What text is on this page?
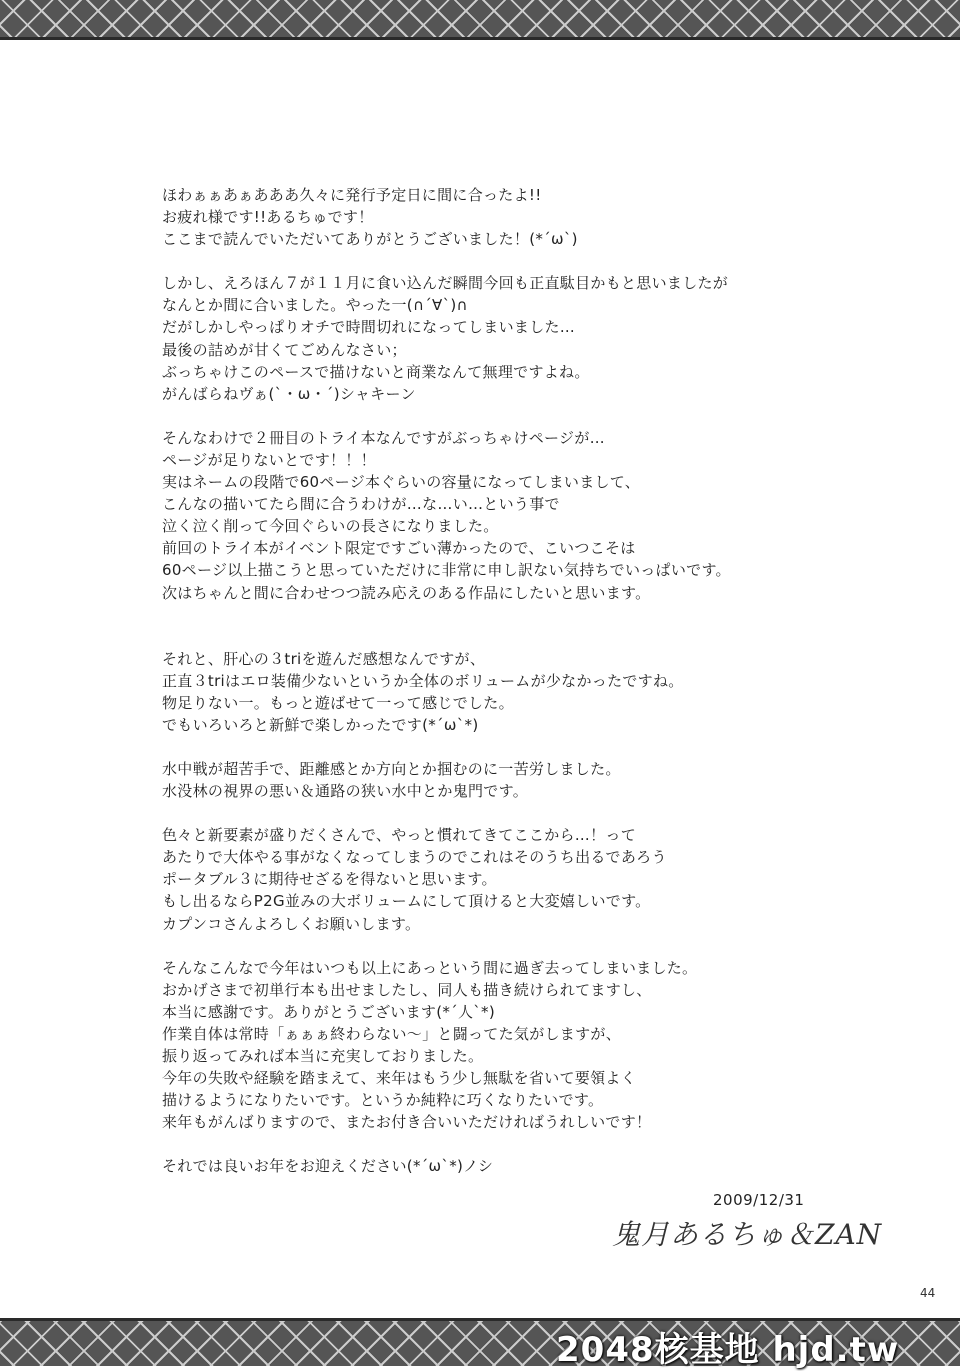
ほわぁぁあぁあああ久々に発行予定日に間に合ったよ!!

お疲れ様です!!あるちゅです！

ここまで読んでいただいてありがとうございました！(*´ω`)

しかし、えろほん７が１１月に食い込んだ瞬間今回も正直駄目かもと思いましたが

なんとか間に合いました。やった一(∩´∀`)∩

だがしかしやっぱりオチで時間切れになってしまいました…

最後の詰めが甘くてごめんなさい；

ぶっちゃけこのペースで描けないと商業なんて無理ですよね。

がんばらねヴぁ(`・ω・´)シャキーン

そんなわけで２冊目のトライ本なんですがぶっちゃけページが…

ページが足りないとです！！！

実はネームの段階で60ページ本ぐらいの容量になってしまいまして、

こんなの描いてたら間に合うわけが…な…い…という事で

泣く泣く削って今回ぐらいの長さになりました。

前回のトライ本がイベント限定ですごい薄かったので、こいつこそは

60ページ以上描こうと思っていただけに非常に申し訳ない気持ちでいっぱいです。

次はちゃんと間に合わせつつ読み応えのある作品にしたいと思います。

それと、肝心の３triを遊んだ感想なんですが、

正直３triはエロ装備少ないというか全体のボリュームが少なかったですね。

物足りない一。もっと遊ばせて一って感じでした。

でもいろいろと新鮮で楽しかったです(*´ω`*)

水中戦が超苦手で、距離感とか方向とか掴むのに一苦労しました。

水没林の視界の悪い＆通路の狭い水中とか鬼門です。

色々と新要素が盛りだくさんで、やっと慣れてきてここから…！って

あたりで大体やる事がなくなってしまうのでこれはそのうち出るであろう

ポータブル３に期待せざるを得ないと思います。

もし出るならP2G並みの大ボリュームにして頂けると大変嬉しいです。

カプンコさんよろしくお願いします。

そんなこんなで今年はいつも以上にあっという間に過ぎ去ってしまいました。

おかげさまで初単行本も出せましたし、同人も描き続けられてますし、

本当に感謝です。ありがとうございます(*´人`*)

作業自体は常時「ぁぁぁ終わらない～」と闘ってた気がしますが、

振り返ってみれば本当に充実しておりました。

今年の失敗や経験を踏まえて、来年はもう少し無駄を省いて要領よく

描けるようになりたいです。というか純粋に巧くなりたいです。

来年もがんばりますので、またお付き合いいただければうれしいです！

それでは良いお年をお迎えください(*´ω`*)ノシ

2009/12/31
鬼月あるちゅ＆ZAN
44
2048核基地 hjd.tw
